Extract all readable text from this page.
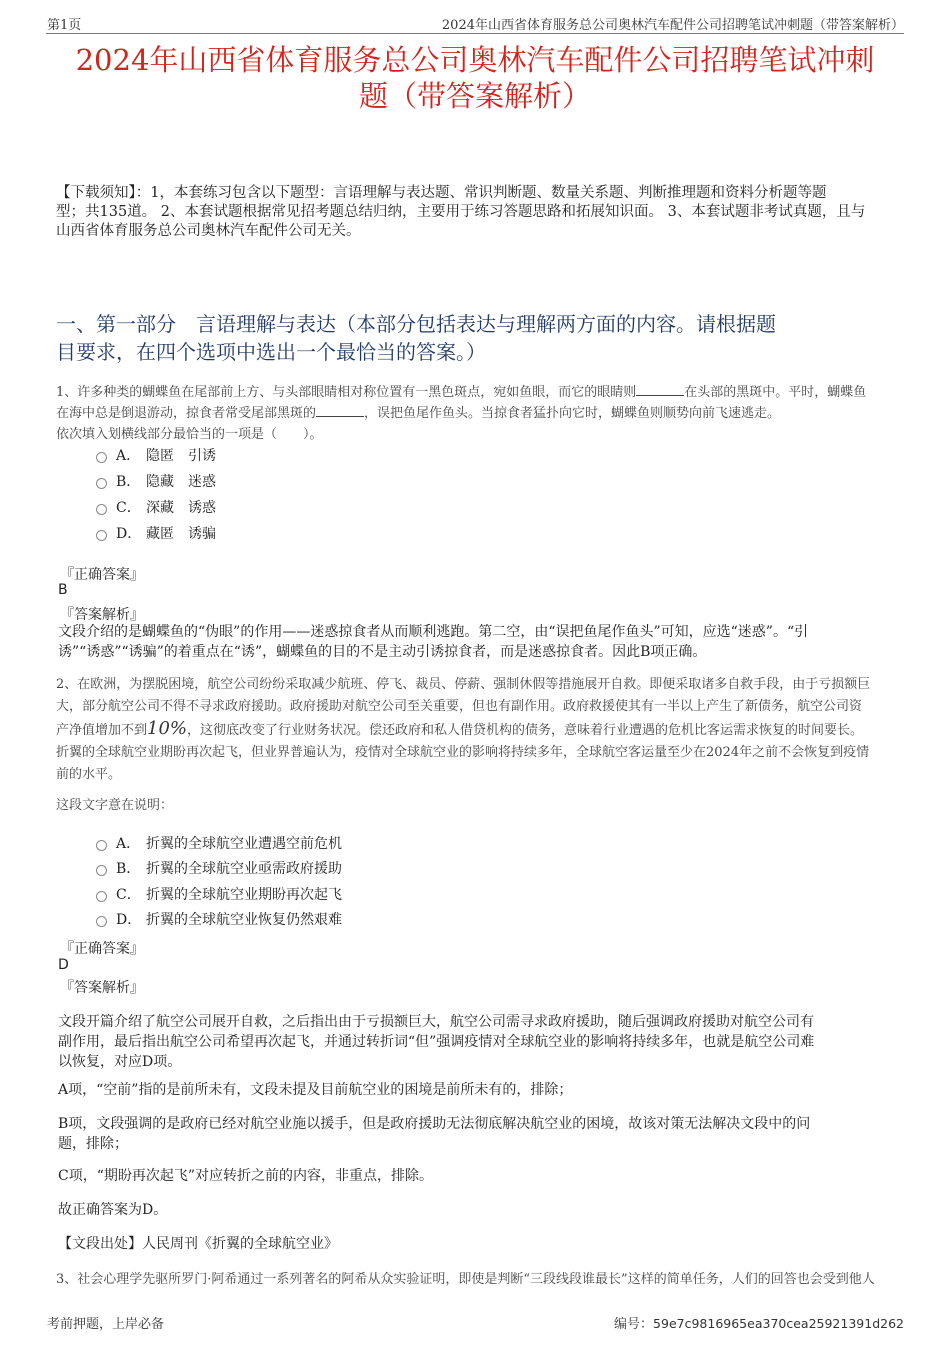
第1页	2024年山西省体育服务总公司奥林汽车配件公司招聘笔试冲刺题（带答案解析）
2024年山西省体育服务总公司奥林汽车配件公司招聘笔试冲刺
题（带答案解析）
【下载须知】：1，本套练习包含以下题型：言语理解与表达题、常识判断题、数量关系题、判断推理题和资料分析题等题
型；共135道。 2、本套试题根据常见招考题总结归纳，主要用于练习答题思路和拓展知识面。 3、本套试题非考试真题，且与
山西省体育服务总公司奥林汽车配件公司无关。
一、第一部分　言语理解与表达（本部分包括表达与理解两方面的内容。请根据题
目要求，在四个选项中选出一个最恰当的答案。）
1、许多种类的蝴蝶鱼在尾部前上方、与头部眼睛相对称位置有一黑色斑点，宛如鱼眼，而它的眼睛则	在头部的黑斑中。平时，蝴蝶鱼
在海中总是倒退游动，掠食者常受尾部黑斑的	，误把鱼尾作鱼头。当掠食者猛扑向它时，蝴蝶鱼则顺势向前飞速逃走。
依次填入划横线部分最恰当的一项是（　　）。
A． 隐匿 引诱
B． 隐藏 迷惑
C． 深藏 诱惑
D． 藏匿 诱骗
『正确答案』
B
『答案解析』
文段介绍的是蝴蝶鱼的“伪眼”的作用——迷惑掠食者从而顺利逃跑。第二空，由“误把鱼尾作鱼头”可知，应选“迷惑”。“引
诱”“诱惑”“诱骗”的着重点在“诱”，蝴蝶鱼的目的不是主动引诱掠食者，而是迷惑掠食者。因此B项正确。
2、在欧洲，为摆脱困境，航空公司纷纷采取减少航班、停飞、裁员、停薪、强制休假等措施展开自救。即便采取诸多自救手段，由于亏损额巨
大，部分航空公司不得不寻求政府援助。政府援助对航空公司至关重要，但也有副作用。政府救援使其有一半以上产生了新债务，航空公司资
产净值增加不到10%，这彻底改变了行业财务状况。偿还政府和私人借贷机构的债务，意味着行业遭遇的危机比客运需求恢复的时间要长。
折翼的全球航空业期盼再次起飞，但业界普遍认为，疫情对全球航空业的影响将持续多年，全球航空客运量至少在2024年之前不会恢复到疫情
前的水平。
这段文字意在说明：
A． 折翼的全球航空业遭遇空前危机
B． 折翼的全球航空业亟需政府援助
C． 折翼的全球航空业期盼再次起飞
D． 折翼的全球航空业恢复仍然艰难
『正确答案』
D
『答案解析』
文段开篇介绍了航空公司展开自救，之后指出由于亏损额巨大，航空公司需寻求政府援助，随后强调政府援助对航空公司有
副作用，最后指出航空公司希望再次起飞，并通过转折词“但”强调疫情对全球航空业的影响将持续多年，也就是航空公司难
以恢复，对应D项。
A项，“空前”指的是前所未有，文段未提及目前航空业的困境是前所未有的，排除；
B项，文段强调的是政府已经对航空业施以援手，但是政府援助无法彻底解决航空业的困境，故该对策无法解决文段中的问
题，排除；
C项，“期盼再次起飞”对应转折之前的内容，非重点，排除。
故正确答案为D。
【文段出处】人民周刊《折翼的全球航空业》
3、社会心理学先驱所罗门·阿希通过一系列著名的阿希从众实验证明，即使是判断“三段线段谁最长”这样的简单任务，人们的回答也会受到他人
考前押题，上岸必备	编号：59e7c9816965ea370cea25921391d262
